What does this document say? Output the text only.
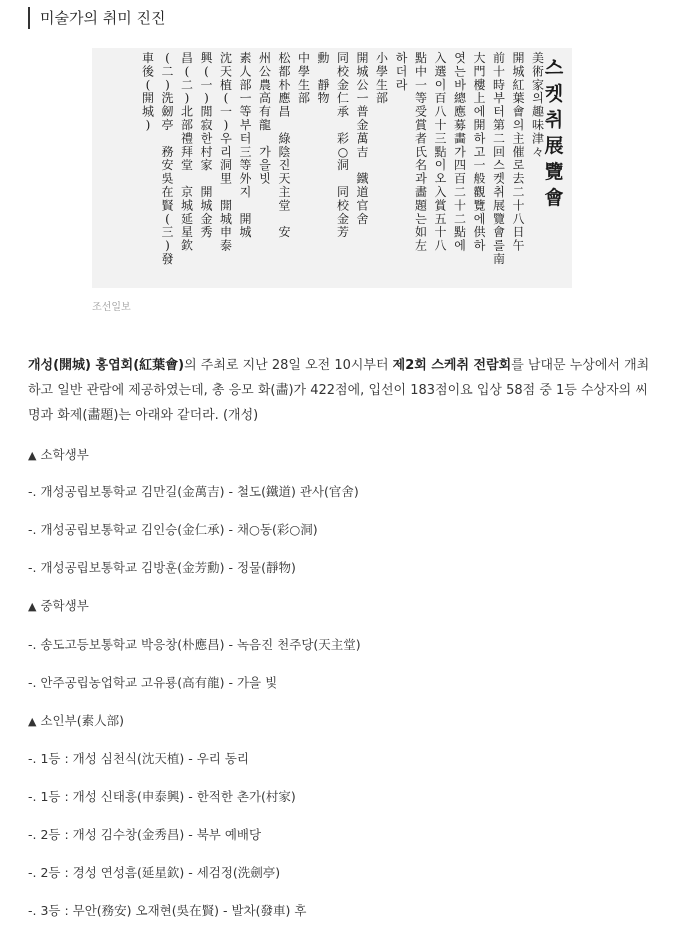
미술가의 취미 진진
스 켓 취 展覽會
美術家 의 趣味津々
開城紅葉會 의 主催 로 去二十八日午
前十時 부 터 第二回 스 켓 취 展覽會 를 南
大門樓上 에 開 하 고 一般觀覽 에 供 하
엿 는 바 總應募畵 가 四百二十二點 에
入選 이 百八十三點 이 오 入賞五十八
點中一等受賞者氏名 과 畵題 는 如左
하 더 라
小學生部
開城公 ㅡ 普金萬吉　鐵道官舍
同校金仁承　彩○洞　同校金芳
勳　靜物
中學生部
松都朴應昌　綠陰 진 天主堂　安
州公農高有龍　 가 을 빗
素人部 ㅡ 等 부 터 三等外 지　 開城
沈天植(一) 우 리 洞里　開城申泰
興(一)閒寂 한 村家　開城金秀
昌(二)北部禮拜堂　京城延星欽
(二)洗劒亭　務安吳在賢(三)發
車後(開城)
조선일보
개성(開城) 홍엽회(紅葉會)의 주최로 지난 28일 오전 10시부터 제2회 스케취 전람회를 남대문 누상에서 개최하고 일반 관람에 제공하였는데, 총 응모 화(畵)가 422점에, 입선이 183점이요 입상 58점 중 1등 수상자의 씨명과 화제(畵題)는 아래와 같더라. (개성)
▲ 소학생부
-. 개성공립보통학교 김만길(金萬吉) - 철도(鐵道) 관사(官舍)
-. 개성공립보통학교 김인승(金仁承) - 채○동(彩○洞)
-. 개성공립보통학교 김방훈(金芳勳) - 정물(靜物)
▲ 중학생부
-. 송도고등보통학교 박응창(朴應昌) - 녹음진 천주당(天主堂)
-. 안주공립농업학교 고유룡(高有龍) - 가을 빛
▲ 소인부(素人部)
-. 1등 : 개성 심천식(沈天植) - 우리 동리
-. 1등 : 개성 신태흥(申泰興) - 한적한 촌가(村家)
-. 2등 : 개성 김수창(金秀昌) - 북부 예배당
-. 2등 : 경성 연성흠(延星欽) - 세검정(洗劍亭)
-. 3등 : 무안(務安) 오재현(吳在賢) - 발차(發車) 후
